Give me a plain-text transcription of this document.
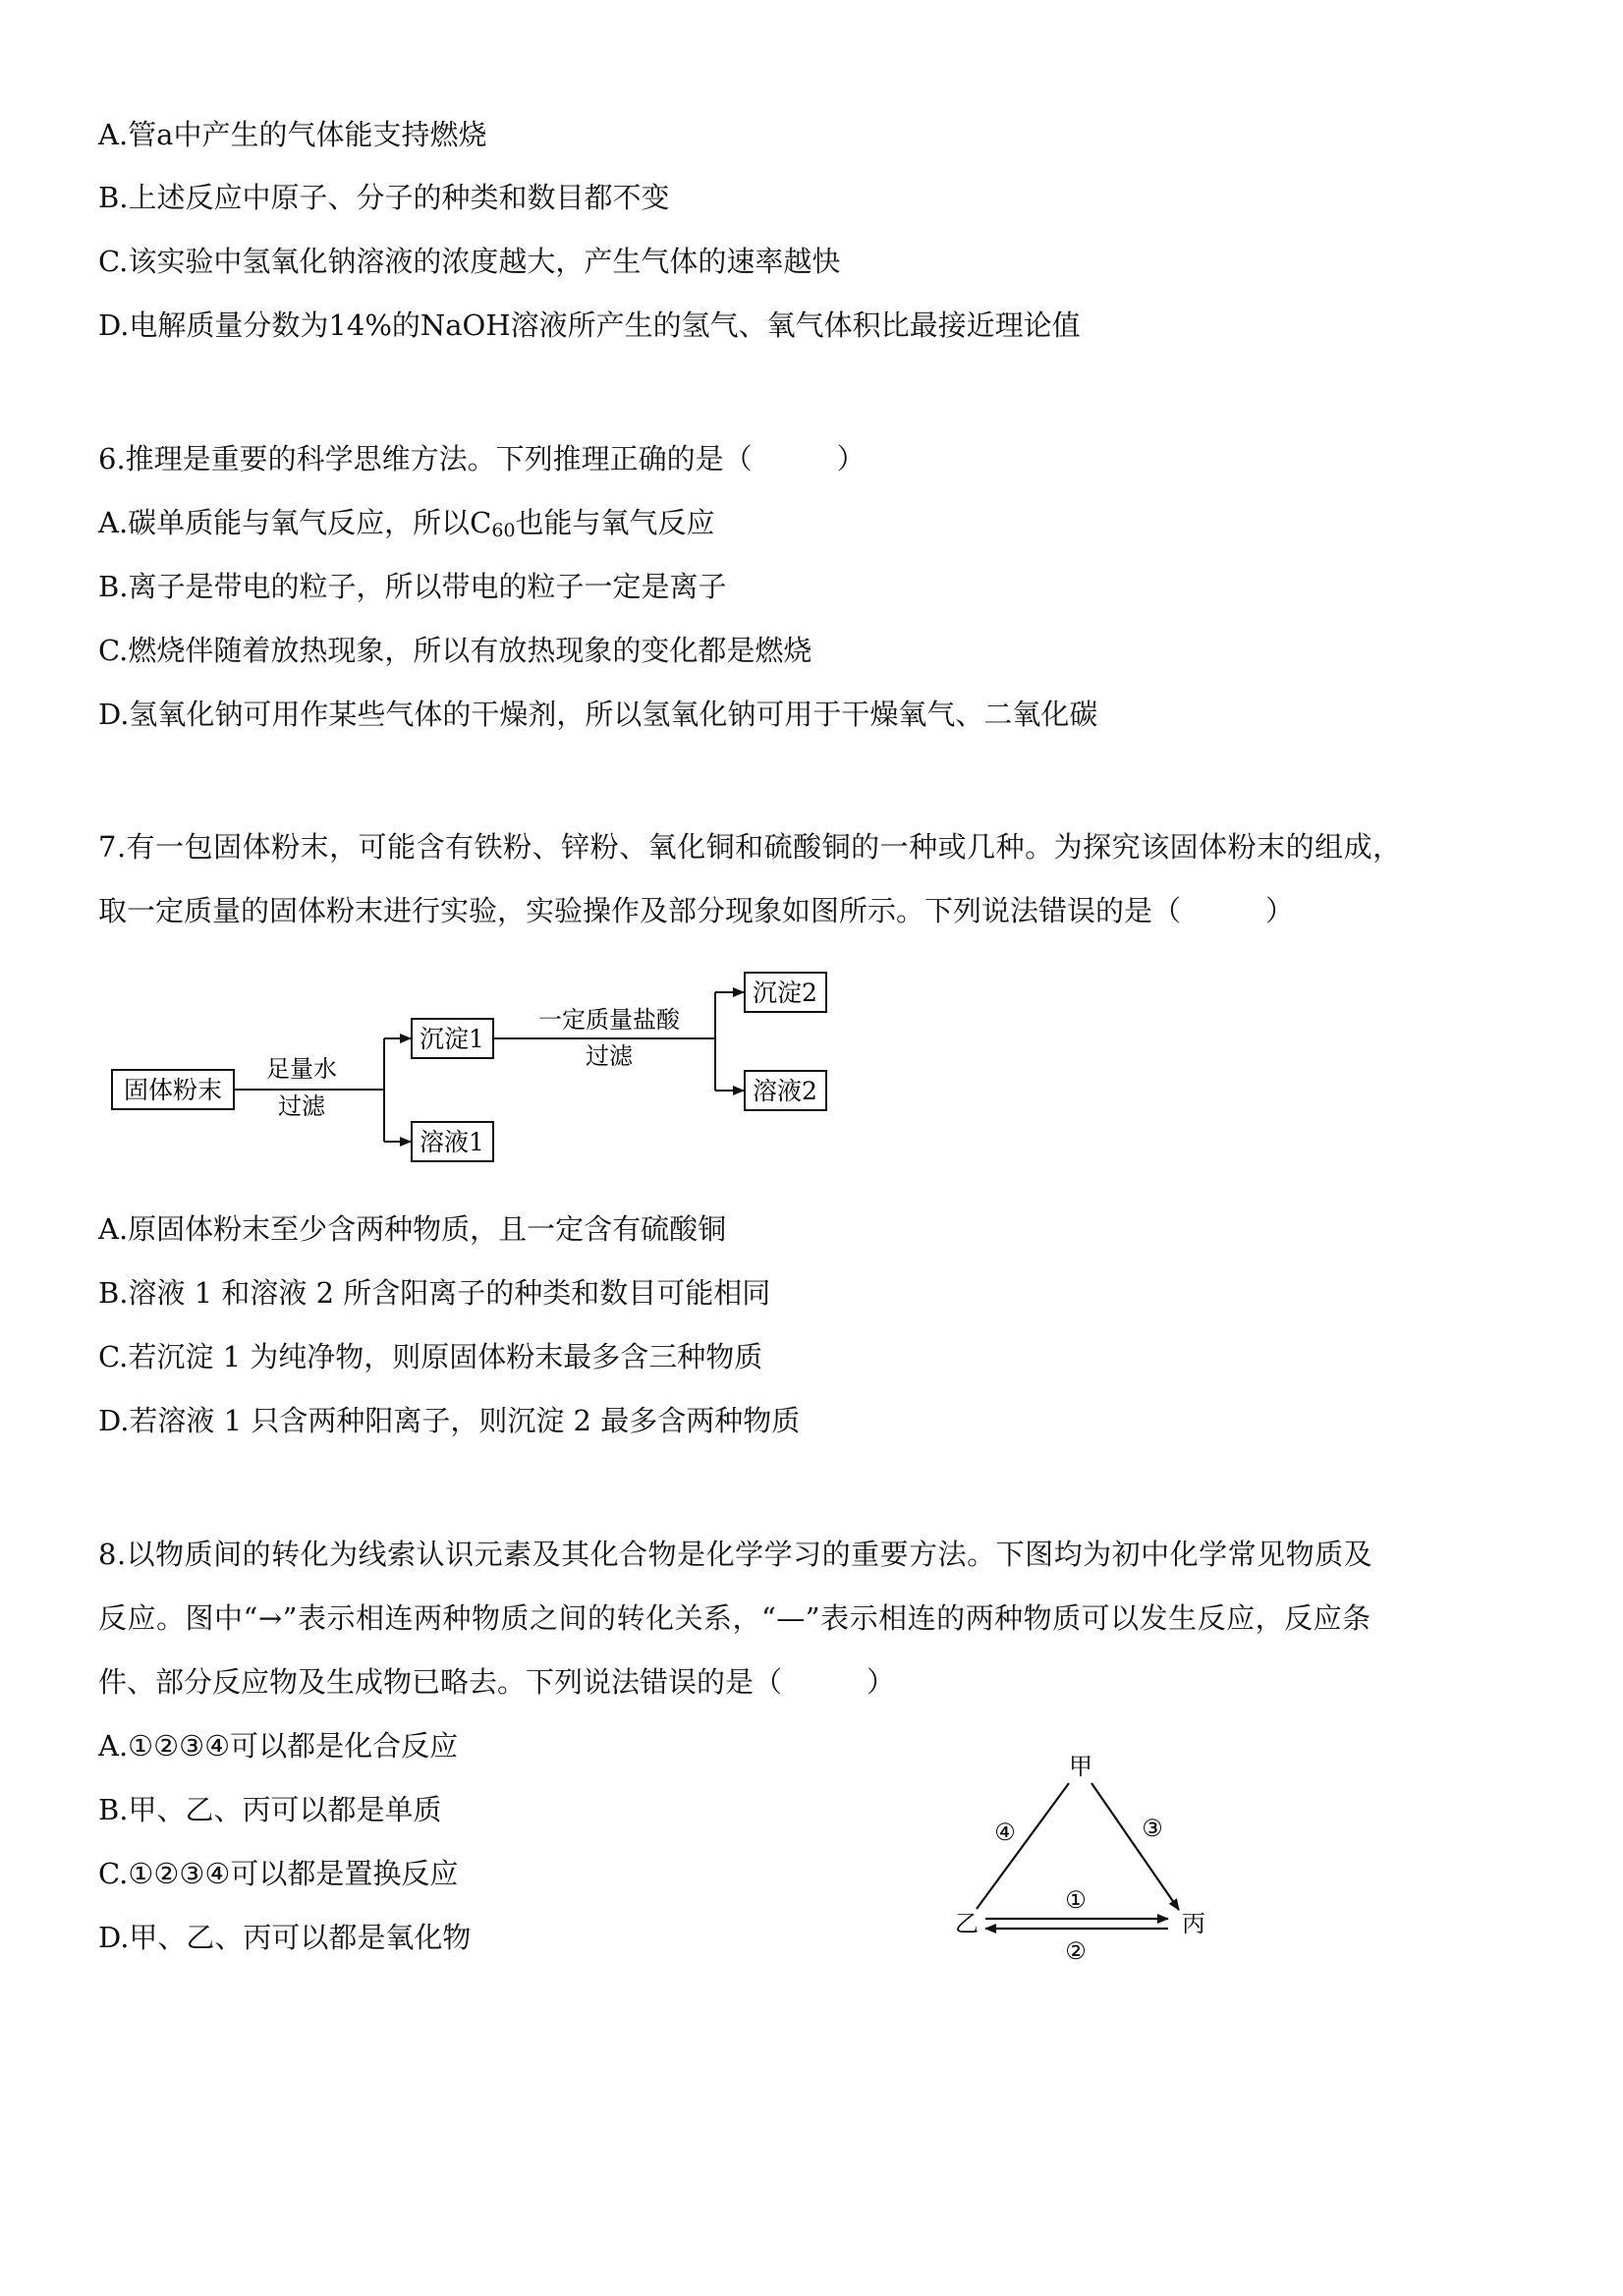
A.管a中产生的气体能支持燃烧
B.上述反应中原子、分子的种类和数目都不变
C.该实验中氢氧化钠溶液的浓度越大，产生气体的速率越快
D.电解质量分数为14%的NaOH溶液所产生的氢气、氧气体积比最接近理论值
6.推理是重要的科学思维方法。下列推理正确的是（	）
A.碳单质能与氧气反应，所以$C_{60}$也能与氧气反应
B.离子是带电的粒子，所以带电的粒子一定是离子
C.燃烧伴随着放热现象，所以有放热现象的变化都是燃烧
D.氢氧化钠可用作某些气体的干燥剂，所以氢氧化钠可用于干燥氧气、二氧化碳
7.有一包固体粉末，可能含有铁粉、锌粉、氧化铜和硫酸铜的一种或几种。为探究该固体粉末的组成，
取一定质量的固体粉末进行实验，实验操作及部分现象如图所示。下列说法错误的是（	）
固体粉末
足量水
过滤
沉淀1
溶液1
一定质量盐酸
过滤
沉淀2
溶液2
A.原固体粉末至少含两种物质，且一定含有硫酸铜
B.溶液 1 和溶液 2 所含阳离子的种类和数目可能相同
C.若沉淀 1 为纯净物，则原固体粉末最多含三种物质
D.若溶液 1 只含两种阳离子，则沉淀 2 最多含两种物质
8.以物质间的转化为线索认识元素及其化合物是化学学习的重要方法。下图均为初中化学常见物质及
反应。图中“→”表示相连两种物质之间的转化关系，“—”表示相连的两种物质可以发生反应，反应条
件、部分反应物及生成物已略去。下列说法错误的是（	）
A.①②③④可以都是化合反应
B.甲、乙、丙可以都是单质
C.①②③④可以都是置换反应
D.甲、乙、丙可以都是氧化物
甲
乙	丙
④	③
①
②
